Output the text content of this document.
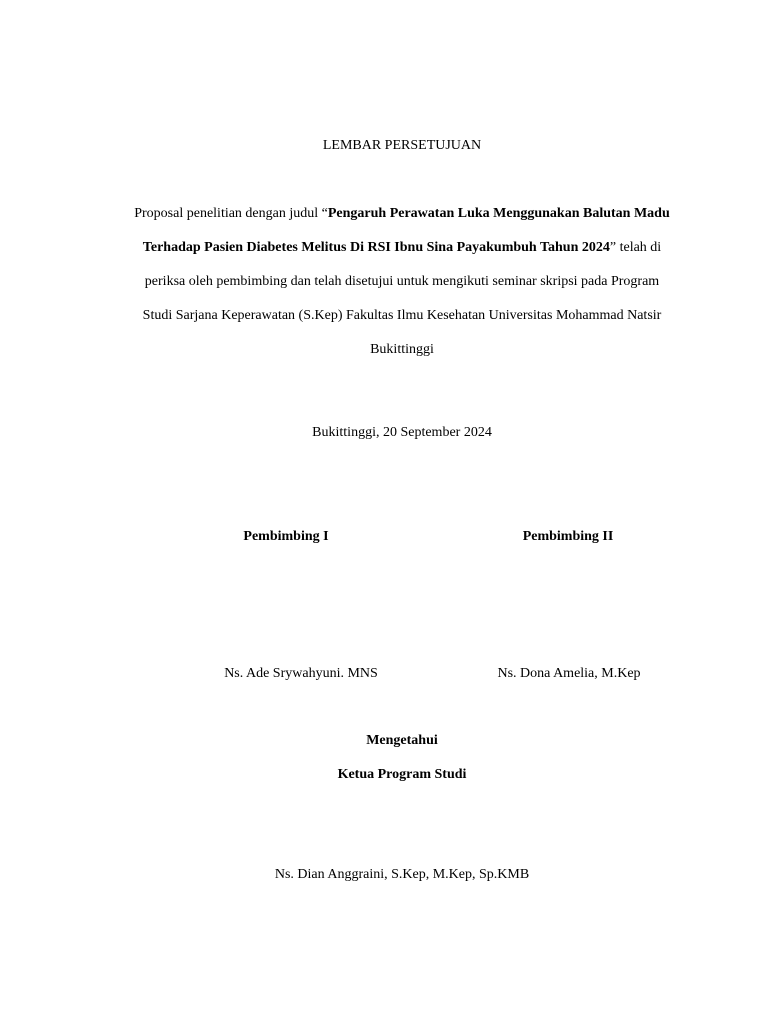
LEMBAR PERSETUJUAN

Proposal penelitian dengan judul “Pengaruh Perawatan Luka Menggunakan Balutan Madu Terhadap Pasien Diabetes Melitus Di RSI Ibnu Sina Payakumbuh Tahun 2024” telah di periksa oleh pembimbing dan telah disetujui untuk mengikuti seminar skripsi pada Program Studi Sarjana Keperawatan (S.Kep) Fakultas Ilmu Kesehatan Universitas Mohammad Natsir Bukittinggi

Bukittinggi, 20 September 2024

Pembimbing I	Pembimbing II

Ns. Ade Srywahyuni. MNS	Ns. Dona Amelia, M.Kep

Mengetahui

Ketua Program Studi

Ns. Dian Anggraini, S.Kep, M.Kep, Sp.KMB
